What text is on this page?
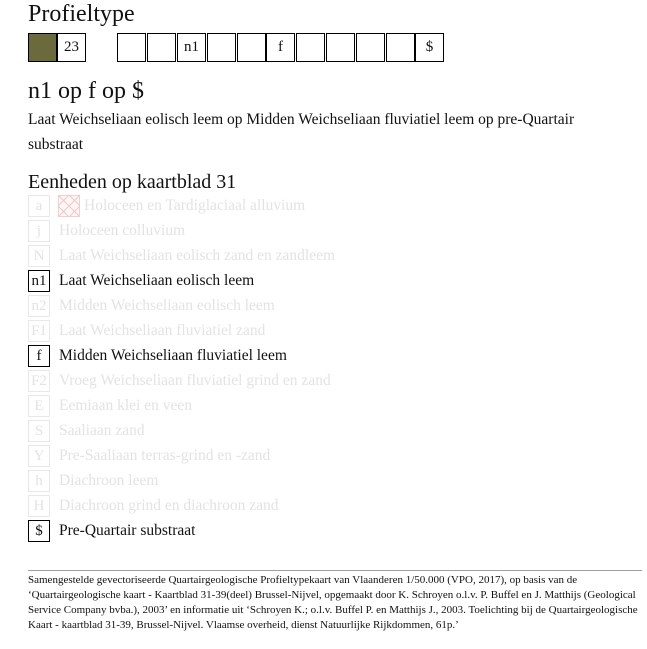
Profieltype
23	n1	f	$
n1 op f op $
Laat Weichseliaan eolisch leem op Midden Weichseliaan fluviatiel leem op pre-Quartair substraat
Eenheden op kaartblad 31
a	Holoceen en Tardiglaciaal alluvium
j	Holoceen colluvium
N Laat Weichseliaan eolisch zand en zandleem
n1 Laat Weichseliaan eolisch leem
n2 Midden Weichseliaan eolisch leem
F1 Laat Weichseliaan fluviatiel zand
f	Midden Weichseliaan fluviatiel leem
F2 Vroeg Weichseliaan fluviatiel grind en zand
E Eemiaan klei en veen
S	Saaliaan zand
Y Pre-Saaliaan terras-grind en -zand
h	Diachroon leem
H Diachroon grind en diachroon zand
$	Pre-Quartair substraat
Samengestelde gevectoriseerde Quartairgeologische Profieltypekaart van Vlaanderen 1/50.000 (VPO, 2017), op basis van de ‘Quartairgeologische kaart - Kaartblad 31-39(deel) Brussel-Nijvel, opgemaakt door K. Schroyen o.l.v. P. Buffel en J. Matthijs (Geological Service Company bvba.), 2003’ en informatie uit ‘Schroyen K.; o.l.v. Buffel P. en Matthijs J., 2003. Toelichting bij de Quartairgeologische Kaart - kaartblad 31-39, Brussel-Nijvel. Vlaamse overheid, dienst Natuurlijke Rijkdommen, 61p.’
